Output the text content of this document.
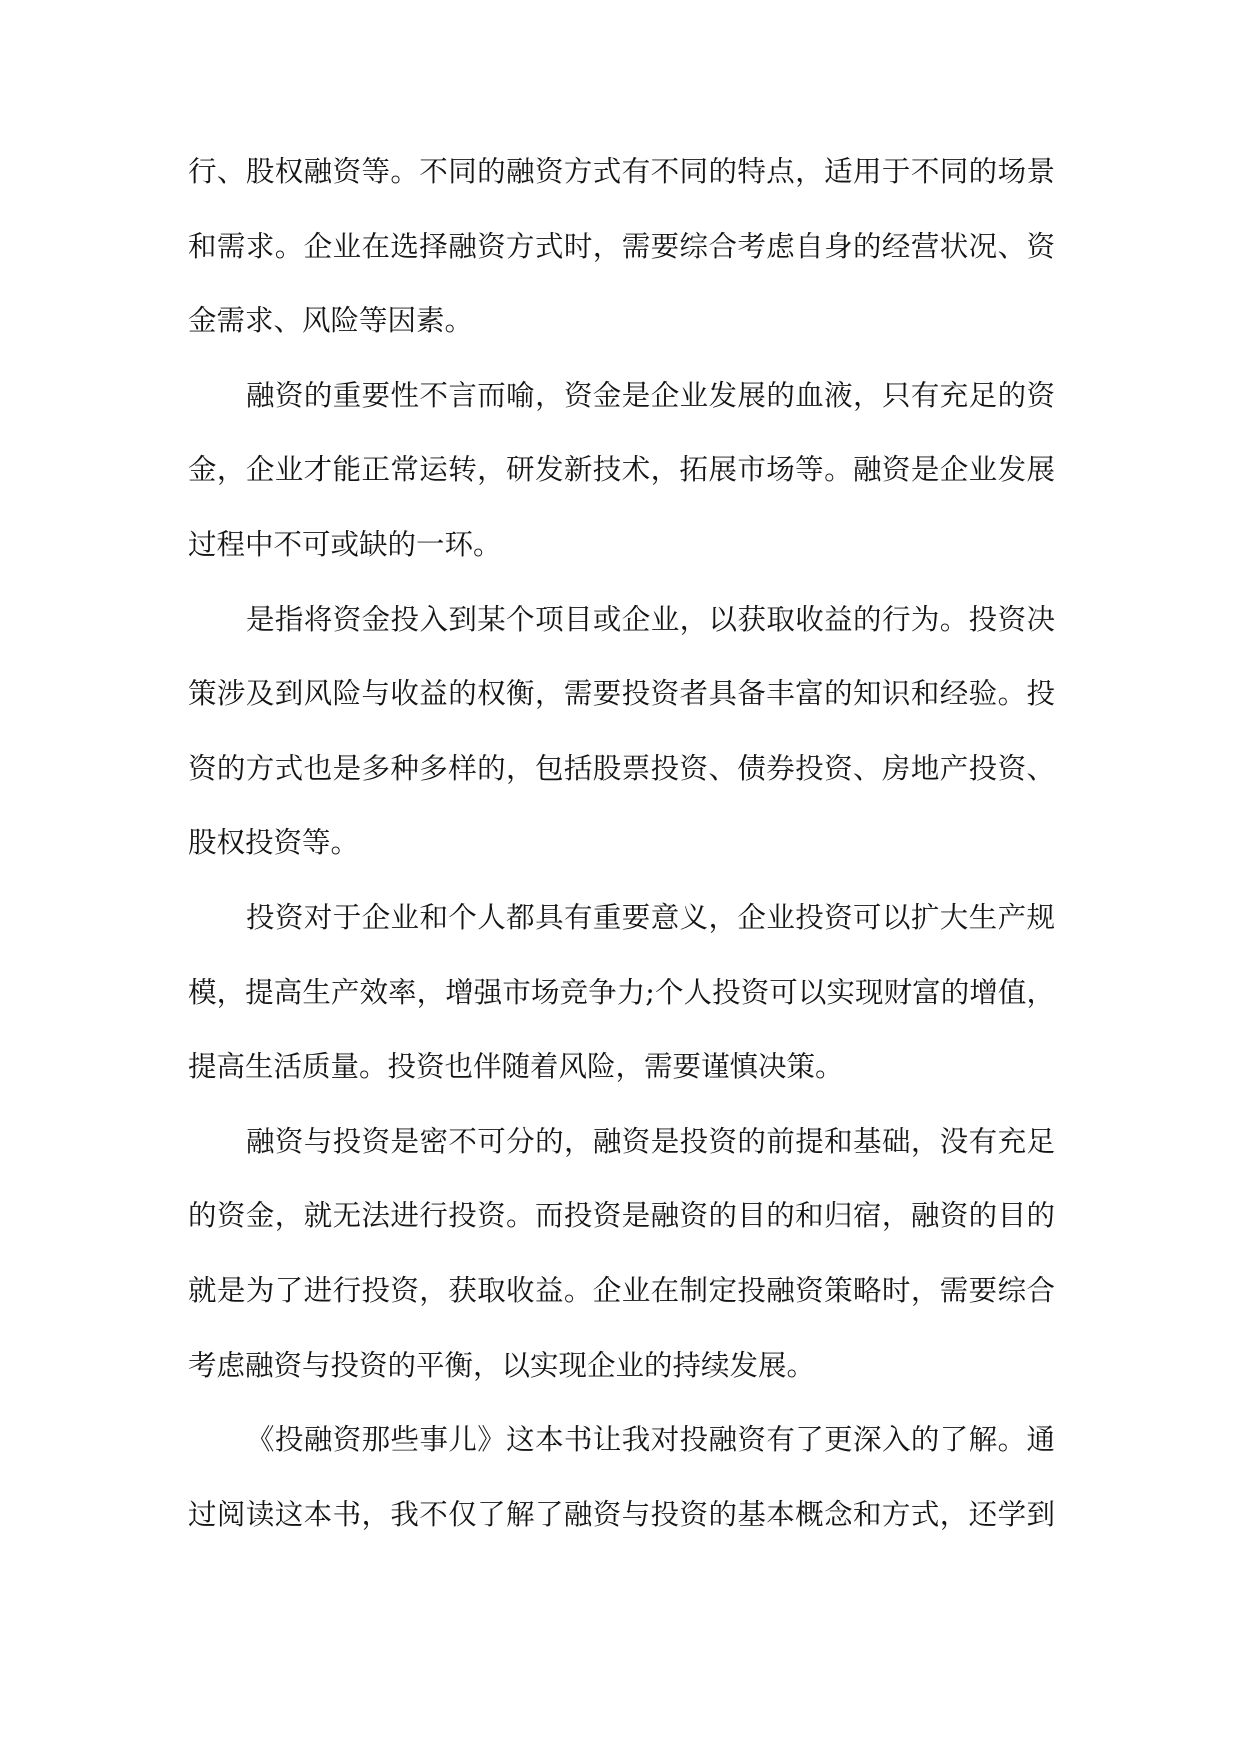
行、股权融资等。不同的融资方式有不同的特点，适用于不同的场景
和需求。企业在选择融资方式时，需要综合考虑自身的经营状况、资
金需求、风险等因素。
融资的重要性不言而喻，资金是企业发展的血液，只有充足的资
金，企业才能正常运转，研发新技术，拓展市场等。融资是企业发展
过程中不可或缺的一环。
是指将资金投入到某个项目或企业，以获取收益的行为。投资决
策涉及到风险与收益的权衡，需要投资者具备丰富的知识和经验。投
资的方式也是多种多样的，包括股票投资、债券投资、房地产投资、
股权投资等。
投资对于企业和个人都具有重要意义，企业投资可以扩大生产规
模，提高生产效率，增强市场竞争力;个人投资可以实现财富的增值，
提高生活质量。投资也伴随着风险，需要谨慎决策。
融资与投资是密不可分的，融资是投资的前提和基础，没有充足
的资金，就无法进行投资。而投资是融资的目的和归宿，融资的目的
就是为了进行投资，获取收益。企业在制定投融资策略时，需要综合
考虑融资与投资的平衡，以实现企业的持续发展。
《投融资那些事儿》这本书让我对投融资有了更深入的了解。通
过阅读这本书，我不仅了解了融资与投资的基本概念和方式，还学到
